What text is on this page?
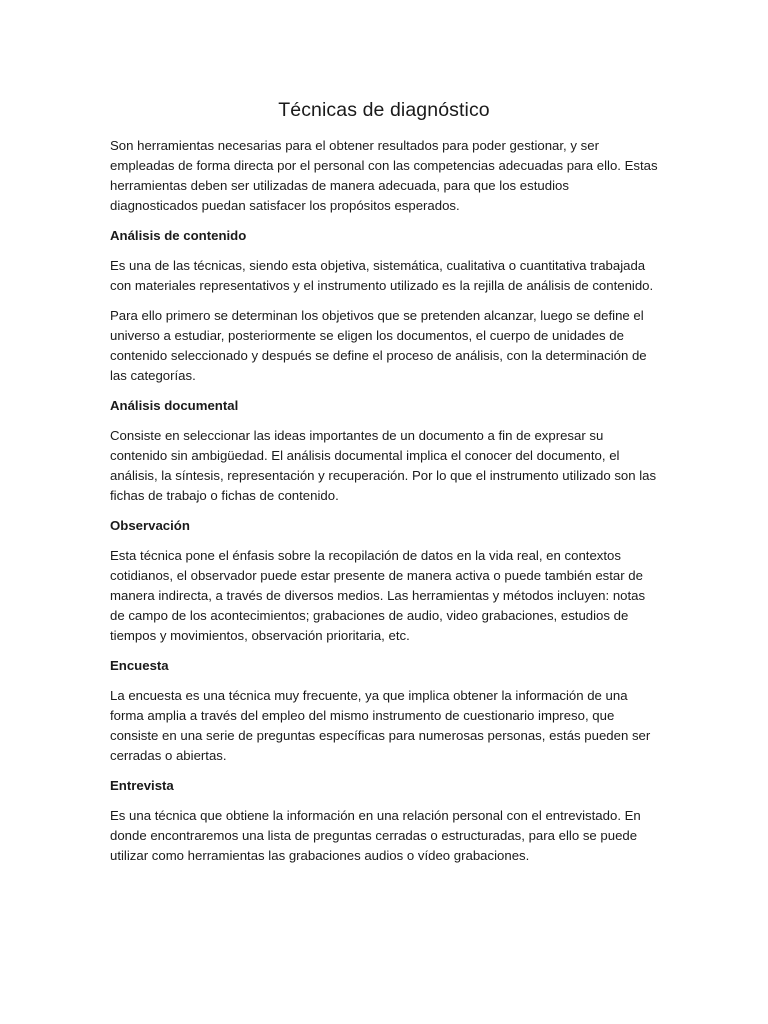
Técnicas de diagnóstico

Son herramientas necesarias para el obtener resultados para poder gestionar, y ser empleadas de forma directa por el personal con las competencias adecuadas para ello. Estas herramientas deben ser utilizadas de manera adecuada, para que los estudios diagnosticados puedan satisfacer los propósitos esperados.

Análisis de contenido

Es una de las técnicas, siendo esta objetiva, sistemática, cualitativa o cuantitativa trabajada con materiales representativos y el instrumento utilizado es la rejilla de análisis de contenido.

Para ello primero se determinan los objetivos que se pretenden alcanzar, luego se define el universo a estudiar, posteriormente se eligen los documentos, el cuerpo de unidades de contenido seleccionado y después se define el proceso de análisis, con la determinación de las categorías.

Análisis documental

Consiste en seleccionar las ideas importantes de un documento a fin de expresar su contenido sin ambigüedad. El análisis documental implica el conocer del documento, el análisis, la síntesis, representación y recuperación. Por lo que el instrumento utilizado son las fichas de trabajo o fichas de contenido.

Observación

Esta técnica pone el énfasis sobre la recopilación de datos en la vida real, en contextos cotidianos, el observador puede estar presente de manera activa o puede también estar de manera indirecta, a través de diversos medios. Las herramientas y métodos incluyen: notas de campo de los acontecimientos; grabaciones de audio, video grabaciones, estudios de tiempos y movimientos, observación prioritaria, etc.

Encuesta

La encuesta es una técnica muy frecuente, ya que implica obtener la información de una forma amplia a través del empleo del mismo instrumento de cuestionario impreso, que consiste en una serie de preguntas específicas para numerosas personas, estás pueden ser cerradas o abiertas.

Entrevista

Es una técnica que obtiene la información en una relación personal con el entrevistado. En donde encontraremos una lista de preguntas cerradas o estructuradas, para ello se puede utilizar como herramientas las grabaciones audios o vídeo grabaciones.
